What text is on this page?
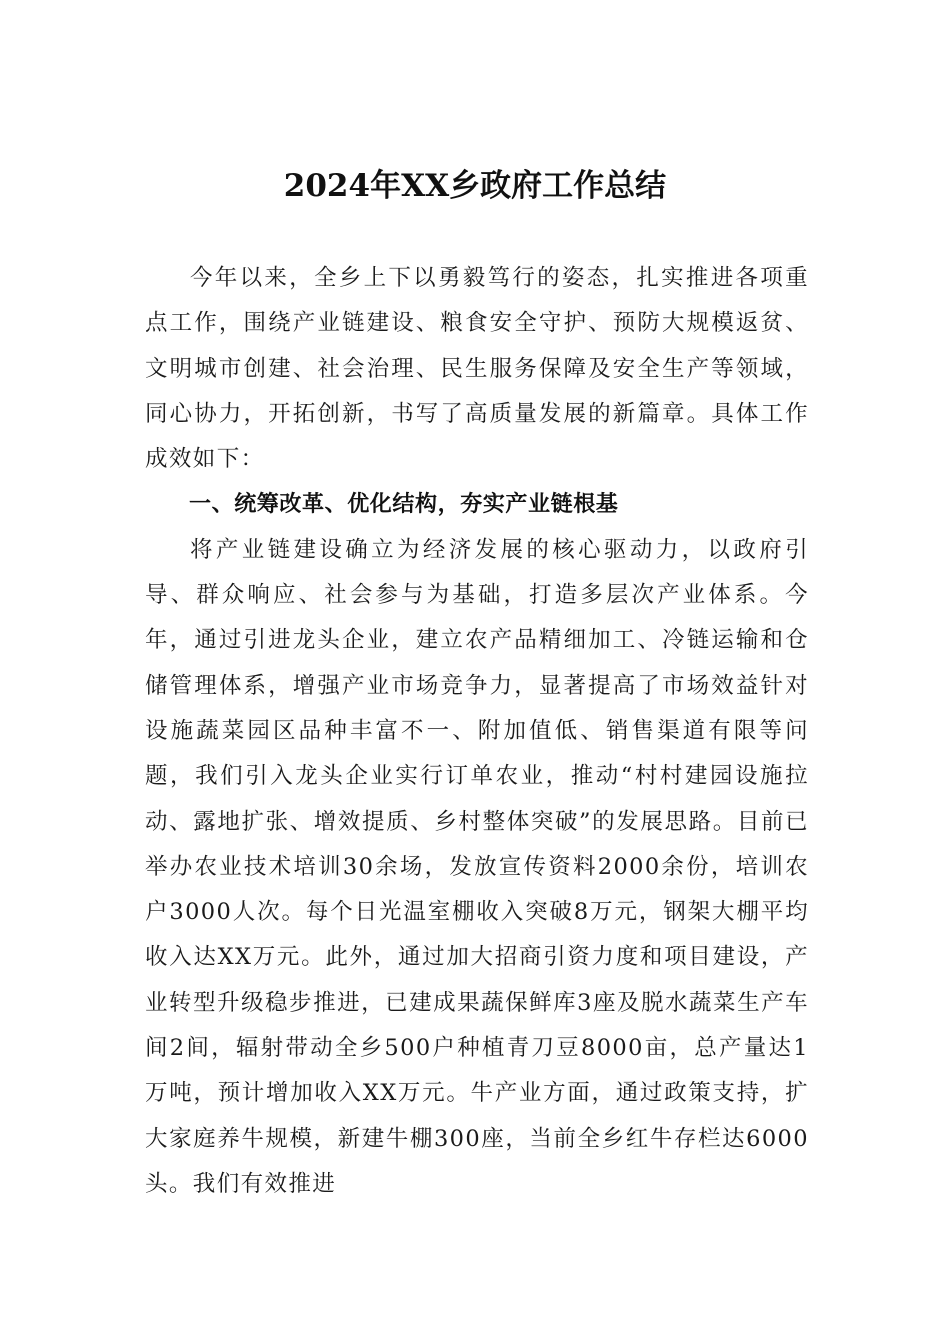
2024年XX乡政府工作总结

今年以来，全乡上下以勇毅笃行的姿态，扎实推进各项重点工作，围绕产业链建设、粮食安全守护、预防大规模返贫、文明城市创建、社会治理、民生服务保障及安全生产等领域，同心协力，开拓创新，书写了高质量发展的新篇章。具体工作成效如下：

一、统筹改革、优化结构，夯实产业链根基

将产业链建设确立为经济发展的核心驱动力，以政府引导、群众响应、社会参与为基础，打造多层次产业体系。今年，通过引进龙头企业，建立农产品精细加工、冷链运输和仓储管理体系，增强产业市场竞争力，显著提高了市场效益针对设施蔬菜园区品种丰富不一、附加值低、销售渠道有限等问题，我们引入龙头企业实行订单农业，推动“村村建园设施拉动、露地扩张、增效提质、乡村整体突破”的发展思路。目前已举办农业技术培训30余场，发放宣传资料2000余份，培训农户3000人次。每个日光温室棚收入突破8万元，钢架大棚平均收入达XX万元。此外，通过加大招商引资力度和项目建设，产业转型升级稳步推进，已建成果蔬保鲜库3座及脱水蔬菜生产车间2间，辐射带动全乡500户种植青刀豆8000亩，总产量达1万吨，预计增加收入XX万元。牛产业方面，通过政策支持，扩大家庭养牛规模，新建牛棚300座，当前全乡红牛存栏达6000头。我们有效推进
